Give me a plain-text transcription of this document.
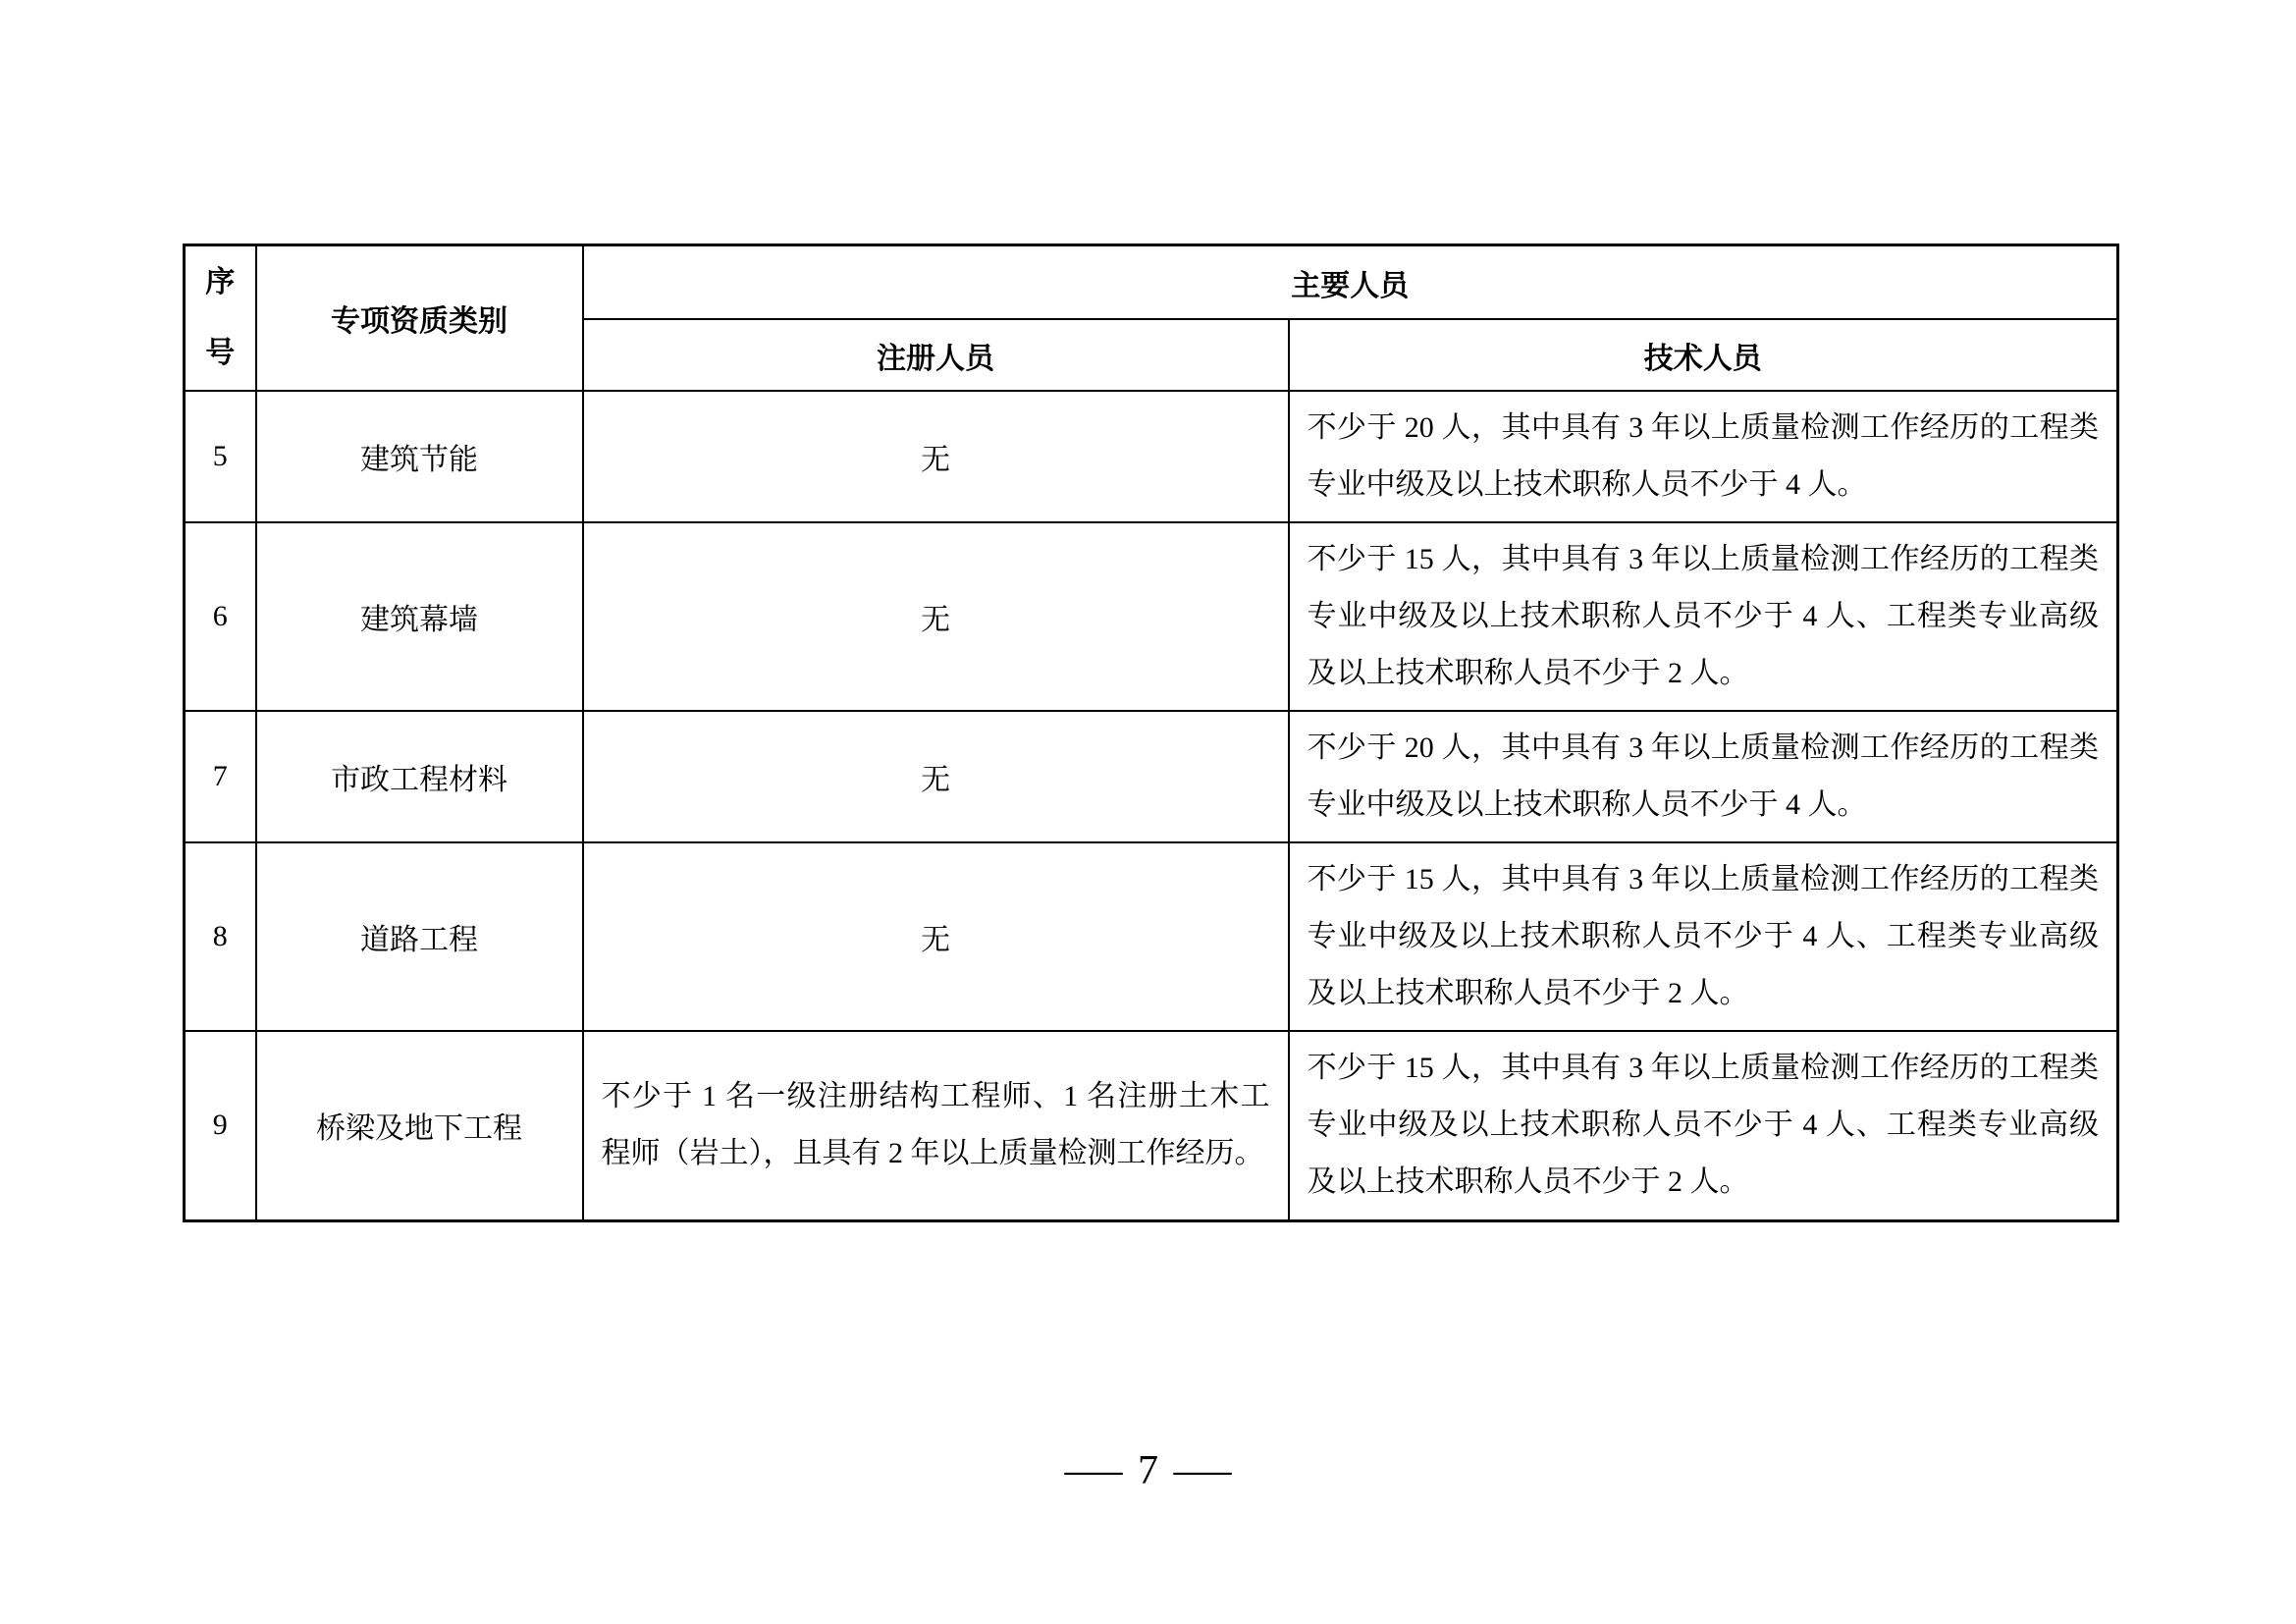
序号	专项资质类别	主要人员	
		注册人员	技术人员
5	建筑节能	无	不少于 20 人，其中具有 3 年以上质量检测工作经历的工程类专业中级及以上技术职称人员不少于 4 人。
6	建筑幕墙	无	不少于 15 人，其中具有 3 年以上质量检测工作经历的工程类专业中级及以上技术职称人员不少于 4 人、工程类专业高级及以上技术职称人员不少于 2 人。
7	市政工程材料	无	不少于 20 人，其中具有 3 年以上质量检测工作经历的工程类专业中级及以上技术职称人员不少于 4 人。
8	道路工程	无	不少于 15 人，其中具有 3 年以上质量检测工作经历的工程类专业中级及以上技术职称人员不少于 4 人、工程类专业高级及以上技术职称人员不少于 2 人。
9	桥梁及地下工程	不少于 1 名一级注册结构工程师、1 名注册土木工程师（岩土），且具有 2 年以上质量检测工作经历。	不少于 15 人，其中具有 3 年以上质量检测工作经历的工程类专业中级及以上技术职称人员不少于 4 人、工程类专业高级及以上技术职称人员不少于 2 人。
— 7 —
